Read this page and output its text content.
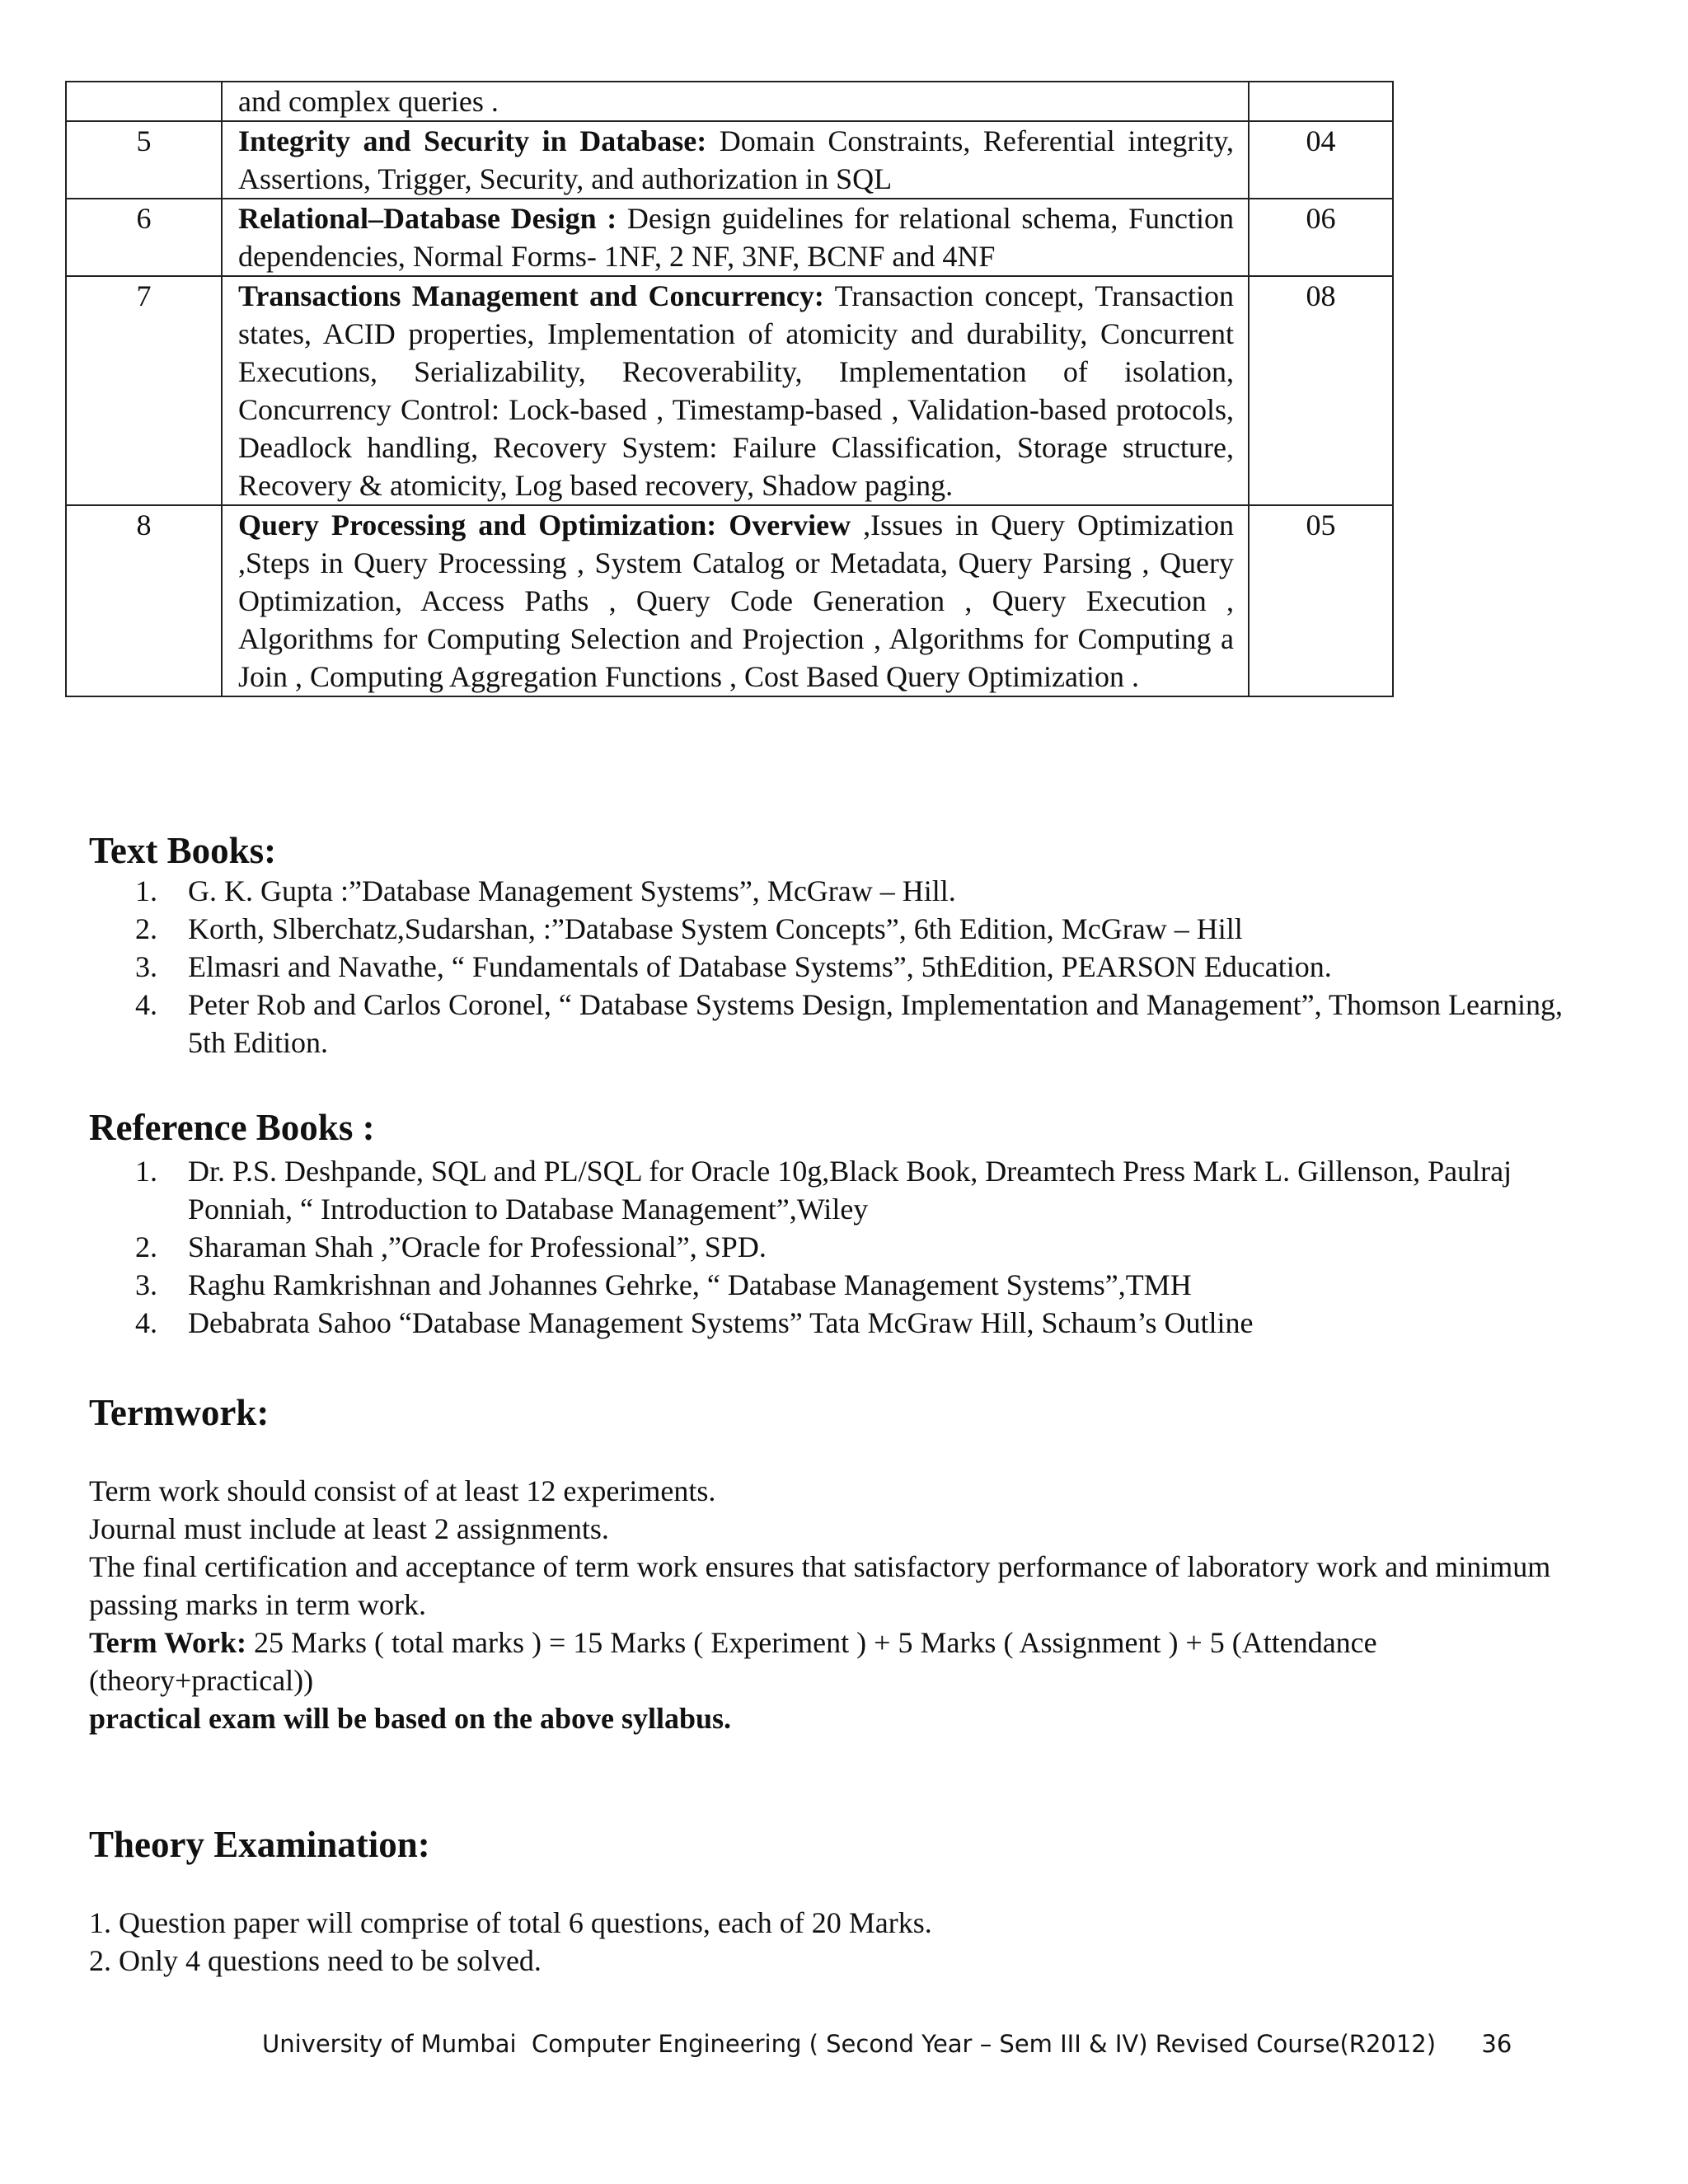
	and complex queries .	
5	Integrity and Security in Database: Domain Constraints, Referential integrity, Assertions, Trigger, Security, and authorization in SQL	04
6	Relational–Database Design : Design guidelines for relational schema, Function dependencies, Normal Forms- 1NF, 2 NF, 3NF, BCNF and 4NF	06
7	Transactions Management and Concurrency: Transaction concept, Transaction states, ACID properties, Implementation of atomicity and durability, Concurrent Executions, Serializability, Recoverability, Implementation of isolation, Concurrency Control: Lock-based , Timestamp-based , Validation-based protocols, Deadlock handling, Recovery System: Failure Classification, Storage structure, Recovery & atomicity, Log based recovery, Shadow paging.	08
8	Query Processing and Optimization: Overview ,Issues in Query Optimization ,Steps in Query Processing , System Catalog or Metadata, Query Parsing , Query Optimization, Access Paths , Query Code Generation , Query Execution , Algorithms for Computing Selection and Projection , Algorithms for Computing a Join , Computing Aggregation Functions , Cost Based Query Optimization .	05
Text Books:
1. G. K. Gupta :”Database Management Systems”, McGraw – Hill.
2. Korth, Slberchatz,Sudarshan, :”Database System Concepts”, 6th Edition, McGraw – Hill
3. Elmasri and Navathe, “ Fundamentals of Database Systems”, 5thEdition, PEARSON Education.
4. Peter Rob and Carlos Coronel, “ Database Systems Design, Implementation and Management”, Thomson Learning, 5th Edition.
Reference Books :
1. Dr. P.S. Deshpande, SQL and PL/SQL for Oracle 10g,Black Book, Dreamtech Press Mark L. Gillenson, Paulraj Ponniah, “ Introduction to Database Management”,Wiley
2. Sharaman Shah ,”Oracle for Professional”, SPD.
3. Raghu Ramkrishnan and Johannes Gehrke, “ Database Management Systems”,TMH
4. Debabrata Sahoo “Database Management Systems” Tata McGraw Hill, Schaum’s Outline
Termwork:

Term work should consist of at least 12 experiments.

Journal must include at least 2 assignments.

The final certification and acceptance of term work ensures that satisfactory performance of laboratory work and minimum passing marks in term work.

Term Work: 25 Marks ( total marks ) = 15 Marks ( Experiment ) + 5 Marks ( Assignment ) + 5 (Attendance (theory+practical))

practical exam will be based on the above syllabus.

Theory Examination:

1. Question paper will comprise of total 6 questions, each of 20 Marks.

2. Only 4 questions need to be solved.

University of Mumbai  Computer Engineering ( Second Year – Sem III & IV) Revised Course(R2012) 36
